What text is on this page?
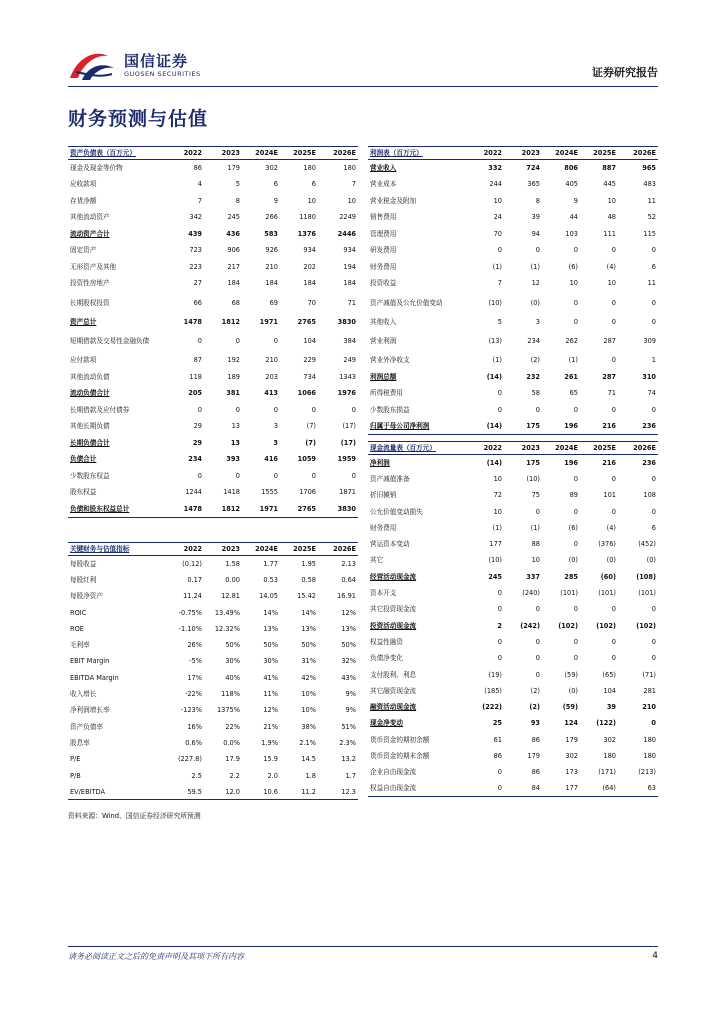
国信证券
GUOSEN SECURITIES	证券研究报告
财务预测与估值
资产负债表（百万元）	2022	2023	2024E	2025E	2026E
现金及现金等价物	86	179	302	180	180
应收款项	4	5	6	6	7
存货净额	7	8	9	10	10
其他流动资产	342	245	266	1180	2249
流动资产合计	439	436	583	1376	2446
固定资产	723	906	926	934	934
无形资产及其他	223	217	210	202	194
投资性房地产	27	184	184	184	184
长期股权投资	66	68	69	70	71
资产总计	1478	1812	1971	2765	3830
短期借款及交易性金融负债	0	0	0	104	384
应付款项	87	192	210	229	249
其他流动负债	118	189	203	734	1343
流动负债合计	205	381	413	1066	1976
长期借款及应付债券	0	0	0	0	0
其他长期负债	29	13	3	(7)	(17)
长期负债合计	29	13	3	(7)	(17)
负债合计	234	393	416	1059	1959
少数股东权益	0	0	0	0	0
股东权益	1244	1418	1555	1706	1871
负债和股东权益总计	1478	1812	1971	2765	3830
关键财务与估值指标	2022	2023	2024E	2025E	2026E
每股收益	(0.12)	1.58	1.77	1.95	2.13
每股红利	0.17	0.00	0.53	0.58	0.64
每股净资产	11.24	12.81	14.05	15.42	16.91
ROIC	-0.75%	13.49%	14%	14%	12%
ROE	-1.10%	12.32%	13%	13%	13%
毛利率	26%	50%	50%	50%	50%
EBIT Margin	-5%	30%	30%	31%	32%
EBITDA Margin	17%	40%	41%	42%	43%
收入增长	-22%	118%	11%	10%	9%
净利润增长率	-123%	1375%	12%	10%	9%
资产负债率	16%	22%	21%	38%	51%
股息率	0.6%	0.0%	1.9%	2.1%	2.3%
P/E	(227.8)	17.9	15.9	14.5	13.2
P/B	2.5	2.2	2.0	1.8	1.7
EV/EBITDA	59.5	12.0	10.6	11.2	12.3
利润表（百万元）	2022	2023	2024E	2025E	2026E
营业收入	332	724	806	887	965
营业成本	244	365	405	445	483
营业税金及附加	10	8	9	10	11
销售费用	24	39	44	48	52
管理费用	70	94	103	111	115
研发费用	0	0	0	0	0
财务费用	(1)	(1)	(6)	(4)	6
投资收益	7	12	10	10	11
资产减值及公允价值变动	(10)	(0)	0	0	0
其他收入	5	3	0	0	0
营业利润	(13)	234	262	287	309
营业外净收支	(1)	(2)	(1)	0	1
利润总额	(14)	232	261	287	310
所得税费用	0	58	65	71	74
少数股东损益	0	0	0	0	0
归属于母公司净利润	(14)	175	196	216	236
现金流量表（百万元）	2022	2023	2024E	2025E	2026E
净利润	(14)	175	196	216	236
资产减值准备	10	(10)	0	0	0
折旧摊销	72	75	89	101	108
公允价值变动损失	10	0	0	0	0
财务费用	(1)	(1)	(6)	(4)	6
营运资本变动	177	88	0	(376)	(452)
其它	(10)	10	(0)	(0)	(0)
经营活动现金流	245	337	285	(60)	(108)
资本开支	0	(240)	(101)	(101)	(101)
其它投资现金流	0	0	0	0	0
投资活动现金流	2	(242)	(102)	(102)	(102)
权益性融资	0	0	0	0	0
负债净变化	0	0	0	0	0
支付股利、利息	(19)	0	(59)	(65)	(71)
其它融资现金流	(185)	(2)	(0)	104	281
融资活动现金流	(222)	(2)	(59)	39	210
现金净变动	25	93	124	(122)	0
货币资金的期初余额	61	86	179	302	180
货币资金的期末余额	86	179	302	180	180
企业自由现金流	0	86	173	(171)	(213)
权益自由现金流	0	84	177	(64)	63
资料来源：Wind、国信证券经济研究所预测
请务必阅读正文之后的免责声明及其项下所有内容	4
